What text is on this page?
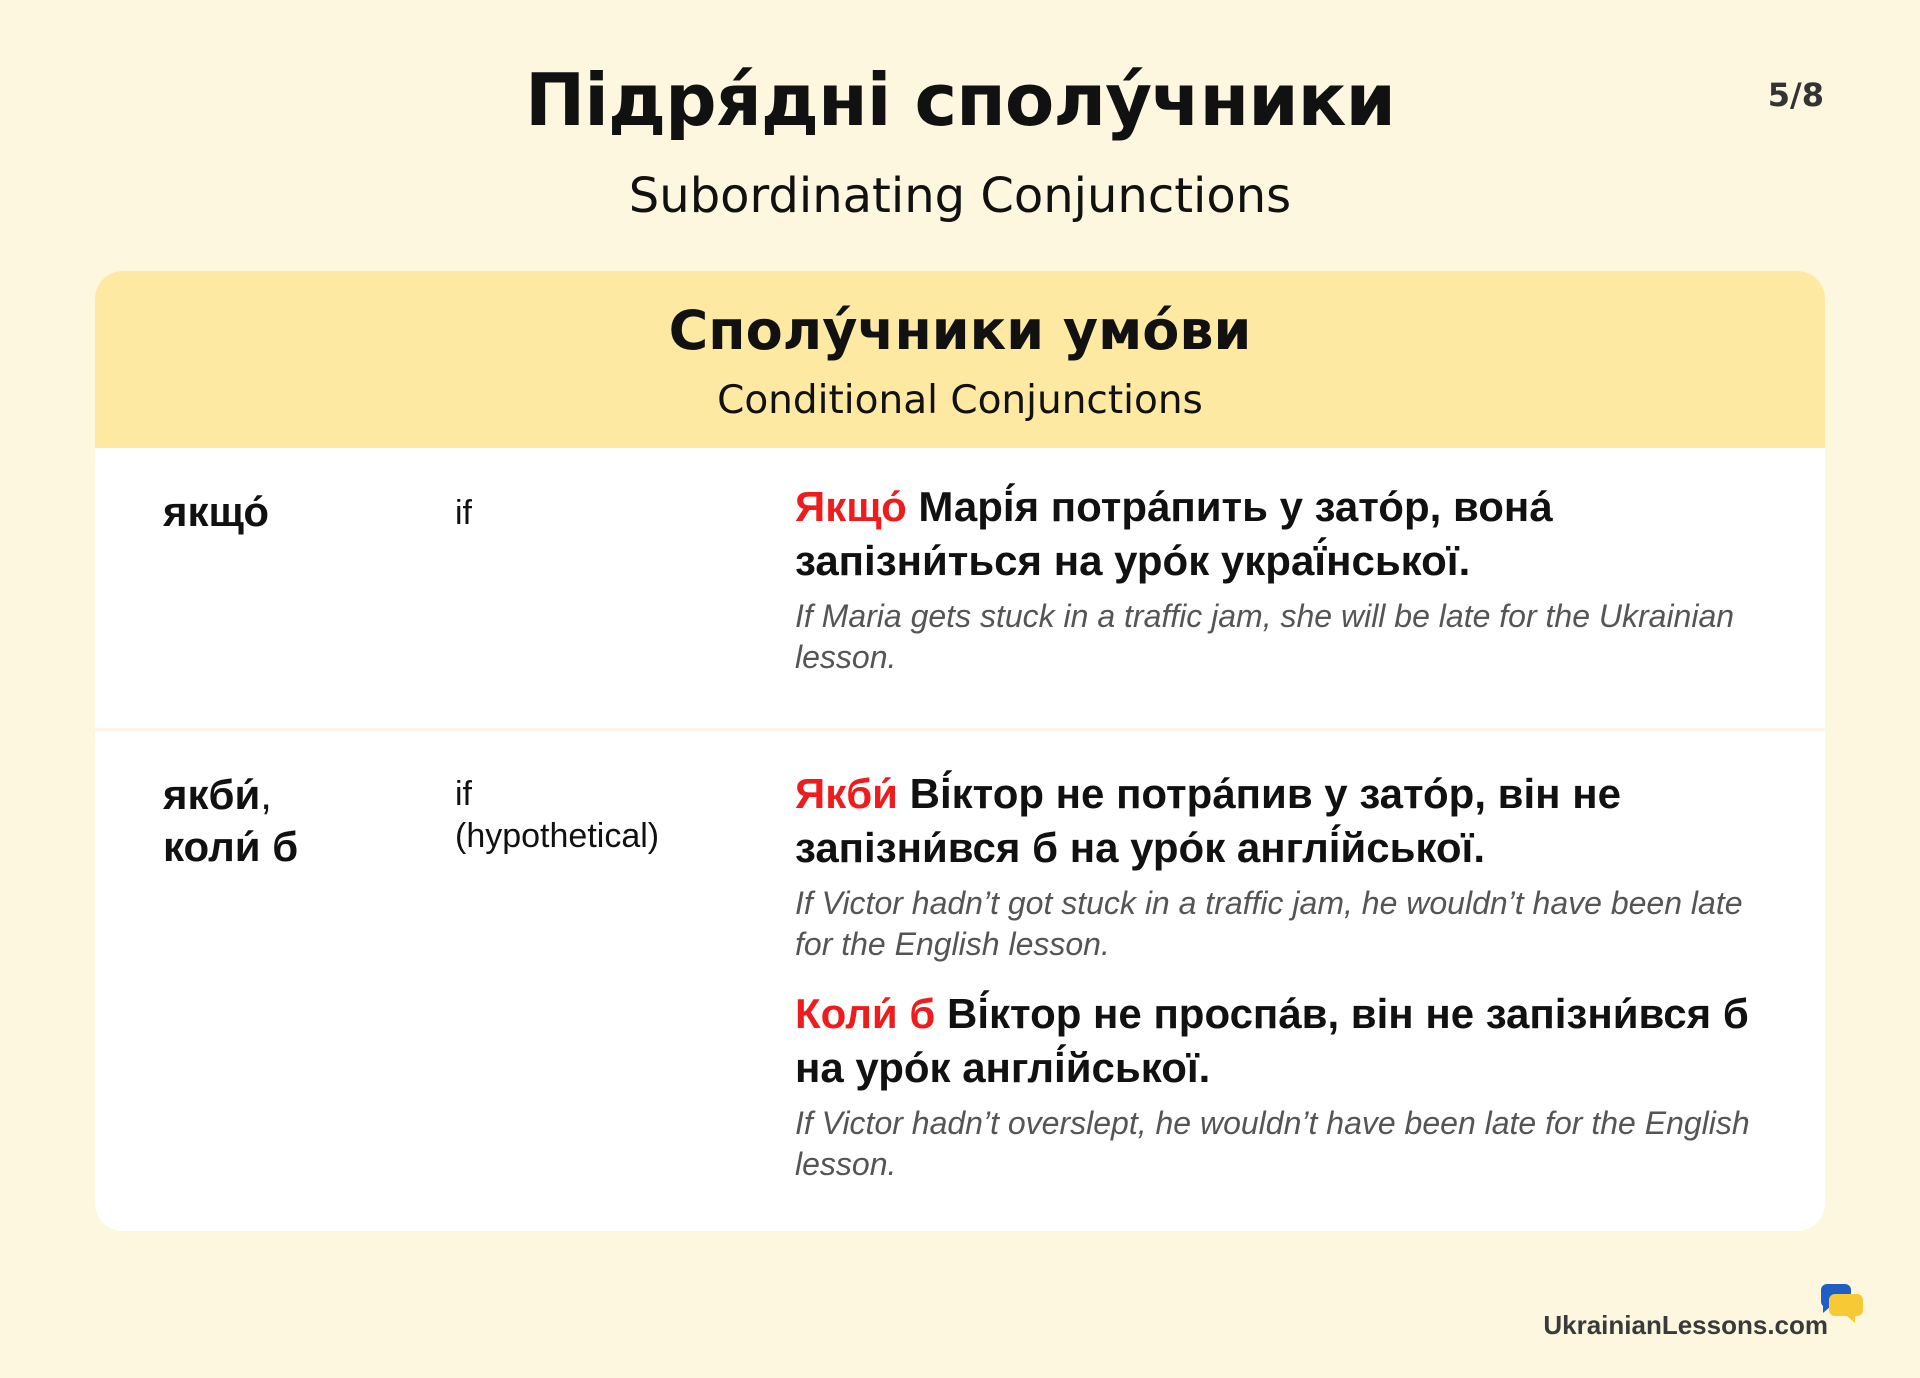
Підря́дні сполу́чники
Subordinating Conjunctions
5/8
Сполу́чники умо́ви
Conditional Conjunctions
якщо́	if	Якщо́ Марі́я потра́пить у зато́р, вона́ запізни́ться на уро́к украї́нської.
If Maria gets stuck in a traffic jam, she will be late for the Ukrainian lesson.
якби́,
коли́ б
if
(hypothetical)
Якби́ Ві́ктор не потра́пив у зато́р, він не запізни́вся б на уро́к англі́йської.
If Victor hadn’t got stuck in a traffic jam, he wouldn’t have been late for the English lesson.
Коли́ б Ві́ктор не проспа́в, він не запізни́вся б на уро́к англі́йської.
If Victor hadn’t overslept, he wouldn’t have been late for the English lesson.
UkrainianLessons.com
